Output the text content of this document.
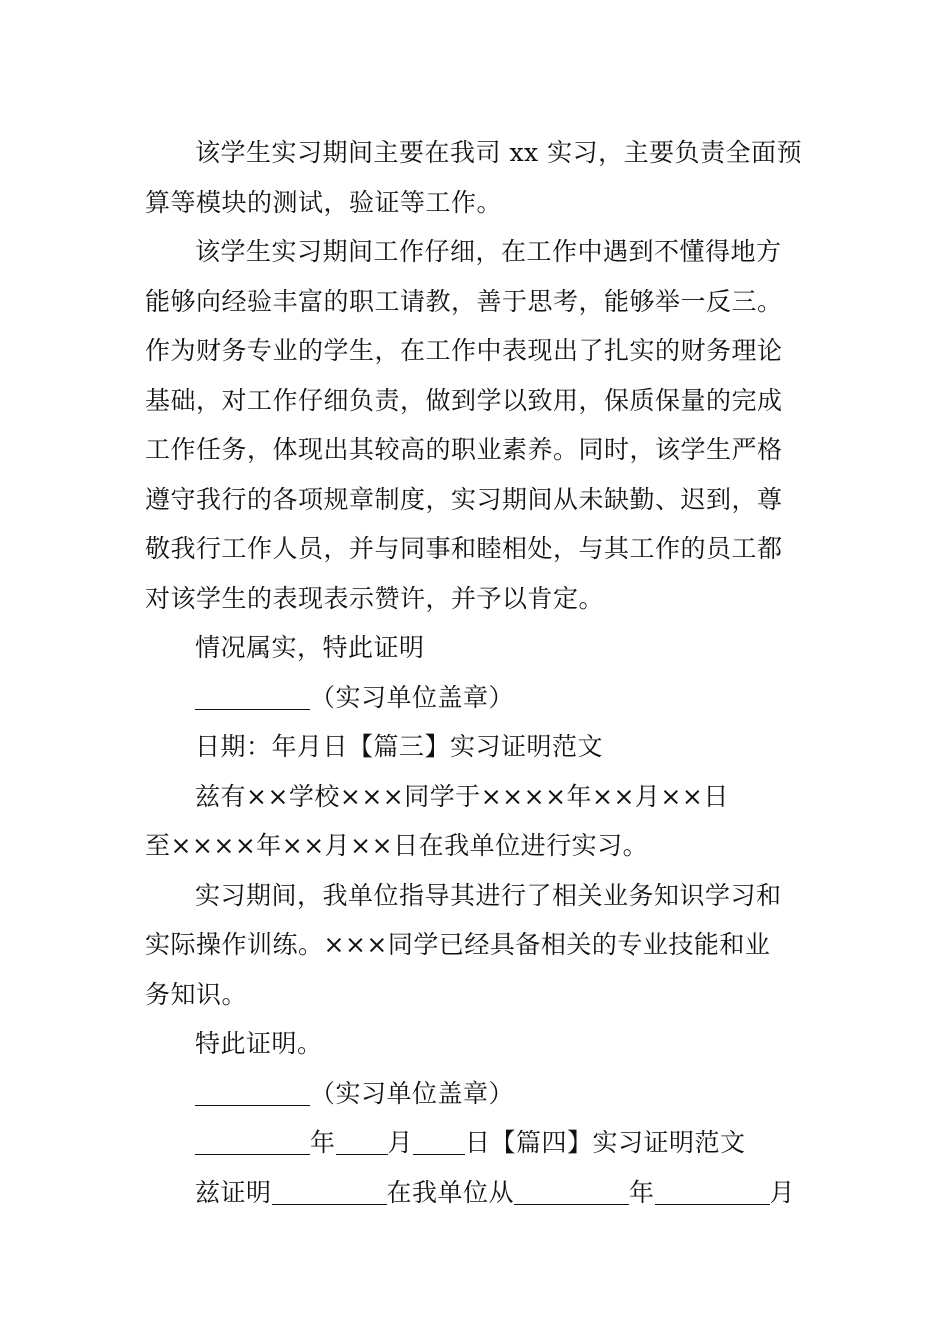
该学生实习期间主要在我司 xx 实习，主要负责全面预
算等模块的测试，验证等工作。
该学生实习期间工作仔细，在工作中遇到不懂得地方
能够向经验丰富的职工请教，善于思考，能够举一反三。
作为财务专业的学生，在工作中表现出了扎实的财务理论
基础，对工作仔细负责，做到学以致用，保质保量的完成
工作任务，体现出其较高的职业素养。同时，该学生严格
遵守我行的各项规章制度，实习期间从未缺勤、迟到，尊
敬我行工作人员，并与同事和睦相处，与其工作的员工都
对该学生的表现表示赞许，并予以肯定。
情况属实，特此证明
（实习单位盖章）
日期：年月日【篇三】实习证明范文
兹有××学校×××同学于××××年××月××日
至××××年××月××日在我单位进行实习。
实习期间，我单位指导其进行了相关业务知识学习和
实际操作训练。×××同学已经具备相关的专业技能和业
务知识。
特此证明。
（实习单位盖章）
年 月 日【篇四】实习证明范文
兹证明	在我单位从	年	月
